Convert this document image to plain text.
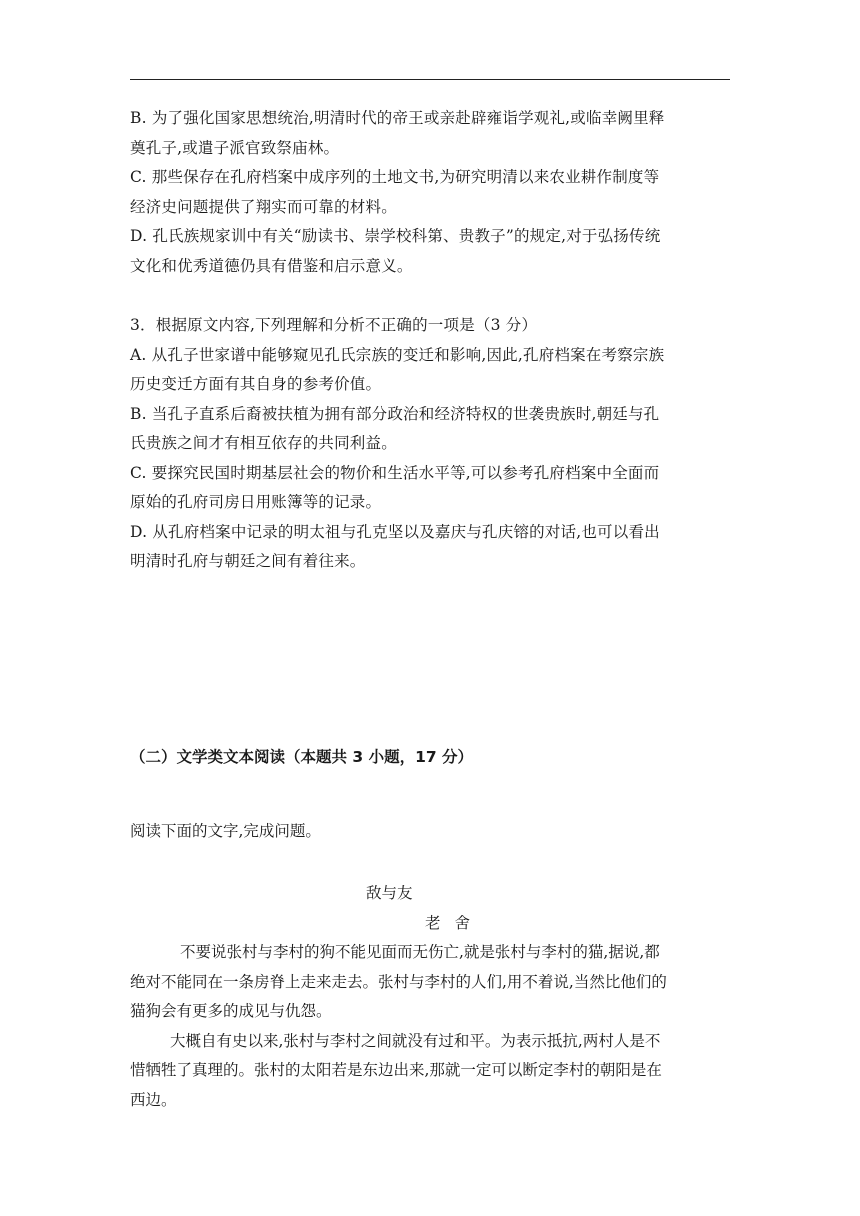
B. 为了强化国家思想统治,明清时代的帝王或亲赴辟雍诣学观礼,或临幸阙里释

奠孔子,或遣子派官致祭庙林。

C. 那些保存在孔府档案中成序列的土地文书,为研究明清以来农业耕作制度等

经济史问题提供了翔实而可靠的材料。

D. 孔氏族规家训中有关“励读书、崇学校科第、贵教子”的规定,对于弘扬传统

文化和优秀道德仍具有借鉴和启示意义。

3．根据原文内容,下列理解和分析不正确的一项是（3 分）

A. 从孔子世家谱中能够窥见孔氏宗族的变迁和影响,因此,孔府档案在考察宗族

历史变迁方面有其自身的参考价值。

B. 当孔子直系后裔被扶植为拥有部分政治和经济特权的世袭贵族时,朝廷与孔

氏贵族之间才有相互依存的共同利益。

C. 要探究民国时期基层社会的物价和生活水平等,可以参考孔府档案中全面而

原始的孔府司房日用账簿等的记录。

D. 从孔府档案中记录的明太祖与孔克坚以及嘉庆与孔庆镕的对话,也可以看出

明清时孔府与朝廷之间有着往来。

（二）文学类文本阅读（本题共 3 小题，17 分）
阅读下面的文字,完成问题。
敌与友
老舍

不要说张村与李村的狗不能见面而无伤亡,就是张村与李村的猫,据说,都

绝对不能同在一条房脊上走来走去。张村与李村的人们,用不着说,当然比他们的

猫狗会有更多的成见与仇怨。

大概自有史以来,张村与李村之间就没有过和平。为表示抵抗,两村人是不

惜牺牲了真理的。张村的太阳若是东边出来,那就一定可以断定李村的朝阳是在

西边。
